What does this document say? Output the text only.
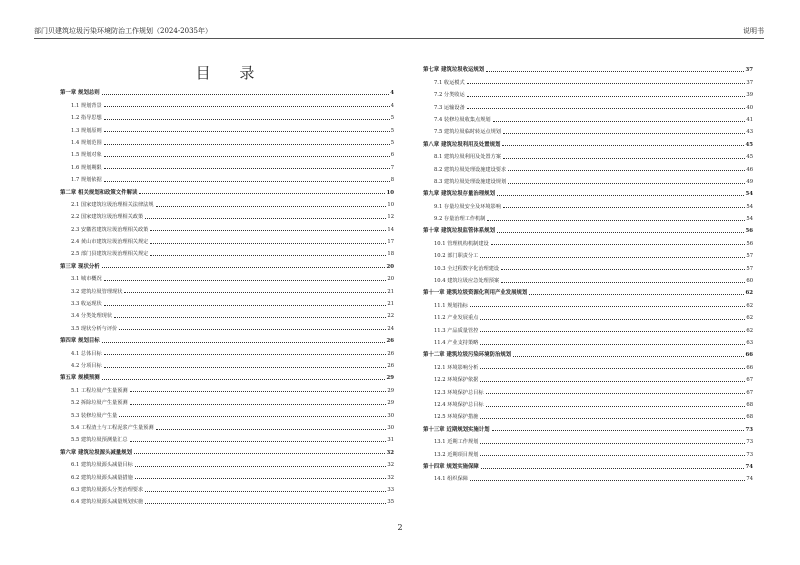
部门贝建筑垃圾污染环境防治工作规划（2024-2035年）	说明书
目 录
第一章 规划总则	4
1.1 规划背景	4
1.2 指导思想	5
1.3 规划原则	5
1.4 规划范围	5
1.5 规划对象	6
1.6 规划期限	7
1.7 规划依据	8
第二章 相关规划和政策文件解读	10
2.1 国家建筑垃圾治理相关法律法规	10
2.2 国家建筑垃圾治理相关政策	12
2.3 安徽省建筑垃圾治理相关政策	14
2.4 黄山市建筑垃圾治理相关规定	17
2.5 部门县建筑垃圾治理相关规定	18
第三章 现状分析	20
3.1 城市概况	20
3.2 建筑垃圾管理现状	21
3.3 收运现状	21
3.4 分类处理现状	22
3.5 现状分析与评价	24
第四章 规划目标	26
4.1 总体目标	26
4.2 分项目标	26
第五章 规模预测	29
5.1 工程垃圾产生量预测	29
5.2 拆除垃圾产生量预测	29
5.3 装修垃圾产生量	30
5.4 工程渣土与工程泥浆产生量预测	30
5.5 建筑垃圾预测量汇总	31
第六章 建筑垃圾源头减量规划	32
6.1 建筑垃圾源头减量目标	32
6.2 建筑垃圾源头减量措施	32
6.3 建筑垃圾源头分类治理要求	33
6.4 建筑垃圾源头减量规划实施	35
第七章 建筑垃圾收运规划	37
7.1 收运模式	37
7.2 分类收运	39
7.3 运输设备	40
7.4 装修垃圾收集点规划	41
7.5 建筑垃圾临时转运点规划	43
第八章 建筑垃圾利用及处置规划	45
8.1 建筑垃圾利用及处置方案	45
8.2 建筑垃圾处理设施建设要求	46
8.3 建筑垃圾处理设施建设规划	49
第九章 建筑垃圾存量治理规划	54
9.1 存量垃圾安全及环境影响	54
9.2 存量治理工作机制	54
第十章 建筑垃圾监管体系规划	56
10.1 管理机构机制建设	56
10.2 部门职责分工	57
10.3 全过程数字化治理建设	57
10.4 建筑垃圾应急处理预案	60
第十一章 建筑垃圾资源化利用产业发展规划	62
11.1 规划指标	62
11.2 产业发展重点	62
11.3 产品质量管控	62
11.4 产业支持策略	63
第十二章 建筑垃圾污染环境防治规划	66
12.1 环境影响分析	66
12.2 环境保护依据	67
12.3 环境保护总目标	67
12.4 环境保护总目标	68
12.5 环境保护措施	68
第十三章 近期规划实施计划	73
13.1 近期工作规划	73
13.2 近期项目规划	73
第十四章 规划实施保障	74
14.1 组织保障	74
2
